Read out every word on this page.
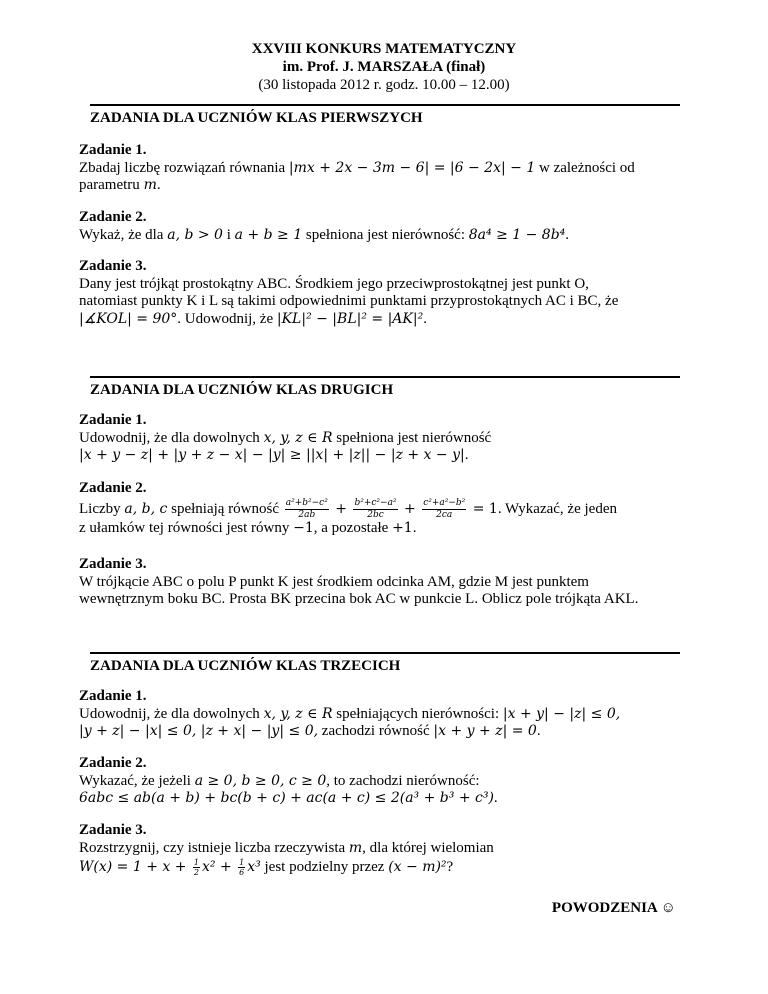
XXVIII KONKURS MATEMATYCZNY
im. Prof. J. MARSZAŁA (finał)
(30 listopada 2012 r. godz. 10.00 – 12.00)
ZADANIA DLA UCZNIÓW KLAS PIERWSZYCH
Zadanie 1.
Zbadaj liczbę rozwiązań równania |mx + 2x − 3m − 6| = |6 − 2x| − 1 w zależności od
parametru m.
Zadanie 2.
Wykaż, że dla a, b > 0 i a + b ≥ 1 spełniona jest nierówność: 8a⁴ ≥ 1 − 8b⁴.
Zadanie 3.
Dany jest trójkąt prostokątny ABC. Środkiem jego przeciwprostokątnej jest punkt O,
natomiast punkty K i L są takimi odpowiednimi punktami przyprostokątnych AC i BC, że
|∡KOL| = 90°. Udowodnij, że |KL|² − |BL|² = |AK|².
ZADANIA DLA UCZNIÓW KLAS DRUGICH
Zadanie 1.
Udowodnij, że dla dowolnych x, y, z ∈ R spełniona jest nierówność
|x + y − z| + |y + z − x| − |y| ≥ ||x| + |z|| − |z + x − y|.
Zadanie 2.
Liczby a, b, c spełniają równość $\frac{\text{a²+b²−c²}}{2ab} + \frac{\text{b²+c²−a²}}{2bc} + \frac{\text{c²+a²−b²}}{2ca} = 1$. Wykazać, że jeden
z ułamków tej równości jest równy −1, a pozostałe +1.
Zadanie 3.
W trójkącie ABC o polu P punkt K jest środkiem odcinka AM, gdzie M jest punktem
wewnętrznym boku BC. Prosta BK przecina bok AC w punkcie L. Oblicz pole trójkąta AKL.
ZADANIA DLA UCZNIÓW KLAS TRZECICH
Zadanie 1.
Udowodnij, że dla dowolnych x, y, z ∈ R spełniających nierówności: |x + y| − |z| ≤ 0,
|y + z| − |x| ≤ 0, |z + x| − |y| ≤ 0, zachodzi równość |x + y + z| = 0.
Zadanie 2.
Wykazać, że jeżeli a ≥ 0, b ≥ 0, c ≥ 0, to zachodzi nierówność:
6abc ≤ ab(a + b) + bc(b + c) + ac(a + c) ≤ 2(a³ + b³ + c³).
Zadanie 3.
Rozstrzygnij, czy istnieje liczba rzeczywista m, dla której wielomian
$W(x) = 1 + x + \frac{1}{2} x^2 + \frac{1}{6} x^3$ jest podzielny przez (x − m)²?
POWODZENIA ☺
